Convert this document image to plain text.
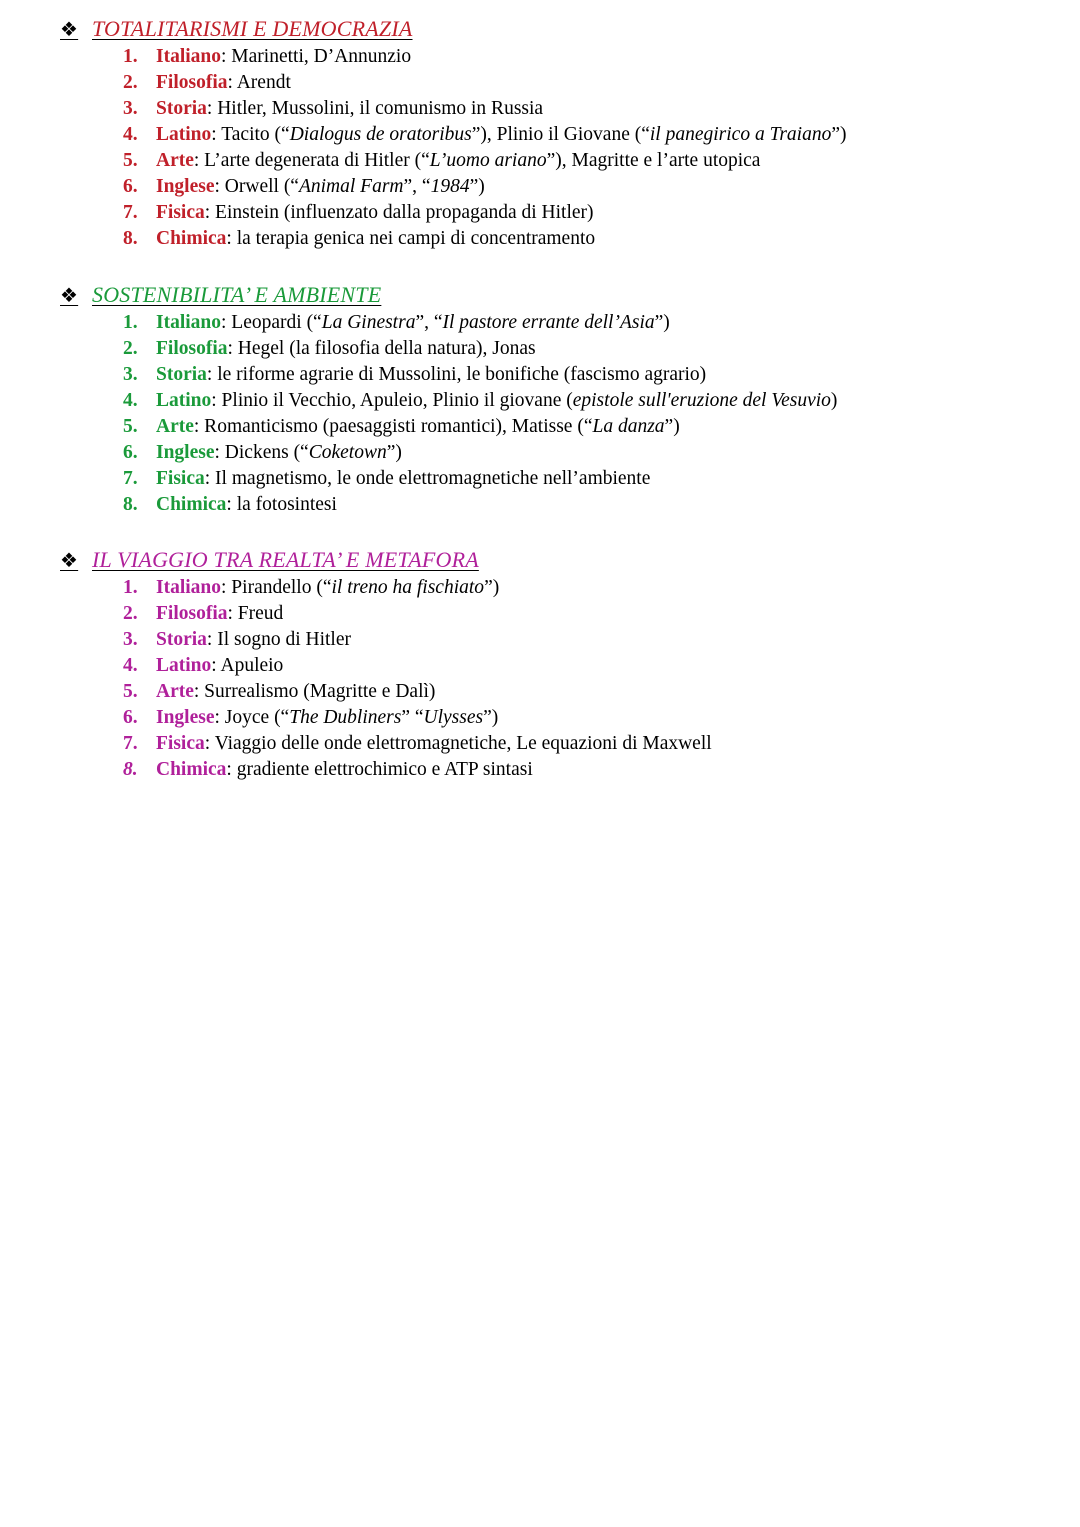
❖ TOTALITARISMI E DEMOCRAZIA
1. Italiano: Marinetti, D’Annunzio
2. Filosofia: Arendt
3. Storia: Hitler, Mussolini, il comunismo in Russia
4. Latino: Tacito (“Dialogus de oratoribus”), Plinio il Giovane (“il panegirico a Traiano”)
5. Arte: L’arte degenerata di Hitler (“L’uomo ariano”), Magritte e l’arte utopica
6. Inglese: Orwell (“Animal Farm”, “1984”)
7. Fisica: Einstein (influenzato dalla propaganda di Hitler)
8. Chimica: la terapia genica nei campi di concentramento
❖ SOSTENIBILITA’ E AMBIENTE
1. Italiano: Leopardi (“La Ginestra”, “Il pastore errante dell’Asia”)
2. Filosofia: Hegel (la filosofia della natura), Jonas
3. Storia: le riforme agrarie di Mussolini, le bonifiche (fascismo agrario)
4. Latino: Plinio il Vecchio, Apuleio, Plinio il giovane (epistole sull'eruzione del Vesuvio)
5. Arte: Romanticismo (paesaggisti romantici), Matisse (“La danza”)
6. Inglese: Dickens (“Coketown”)
7. Fisica: Il magnetismo, le onde elettromagnetiche nell’ambiente
8. Chimica: la fotosintesi
❖ IL VIAGGIO TRA REALTA’ E METAFORA
1. Italiano: Pirandello (“il treno ha fischiato”)
2. Filosofia: Freud
3. Storia: Il sogno di Hitler
4. Latino: Apuleio
5. Arte: Surrealismo (Magritte e Dalì)
6. Inglese: Joyce (“The Dubliners” “Ulysses”)
7. Fisica: Viaggio delle onde elettromagnetiche, Le equazioni di Maxwell
8. Chimica: gradiente elettrochimico e ATP sintasi
